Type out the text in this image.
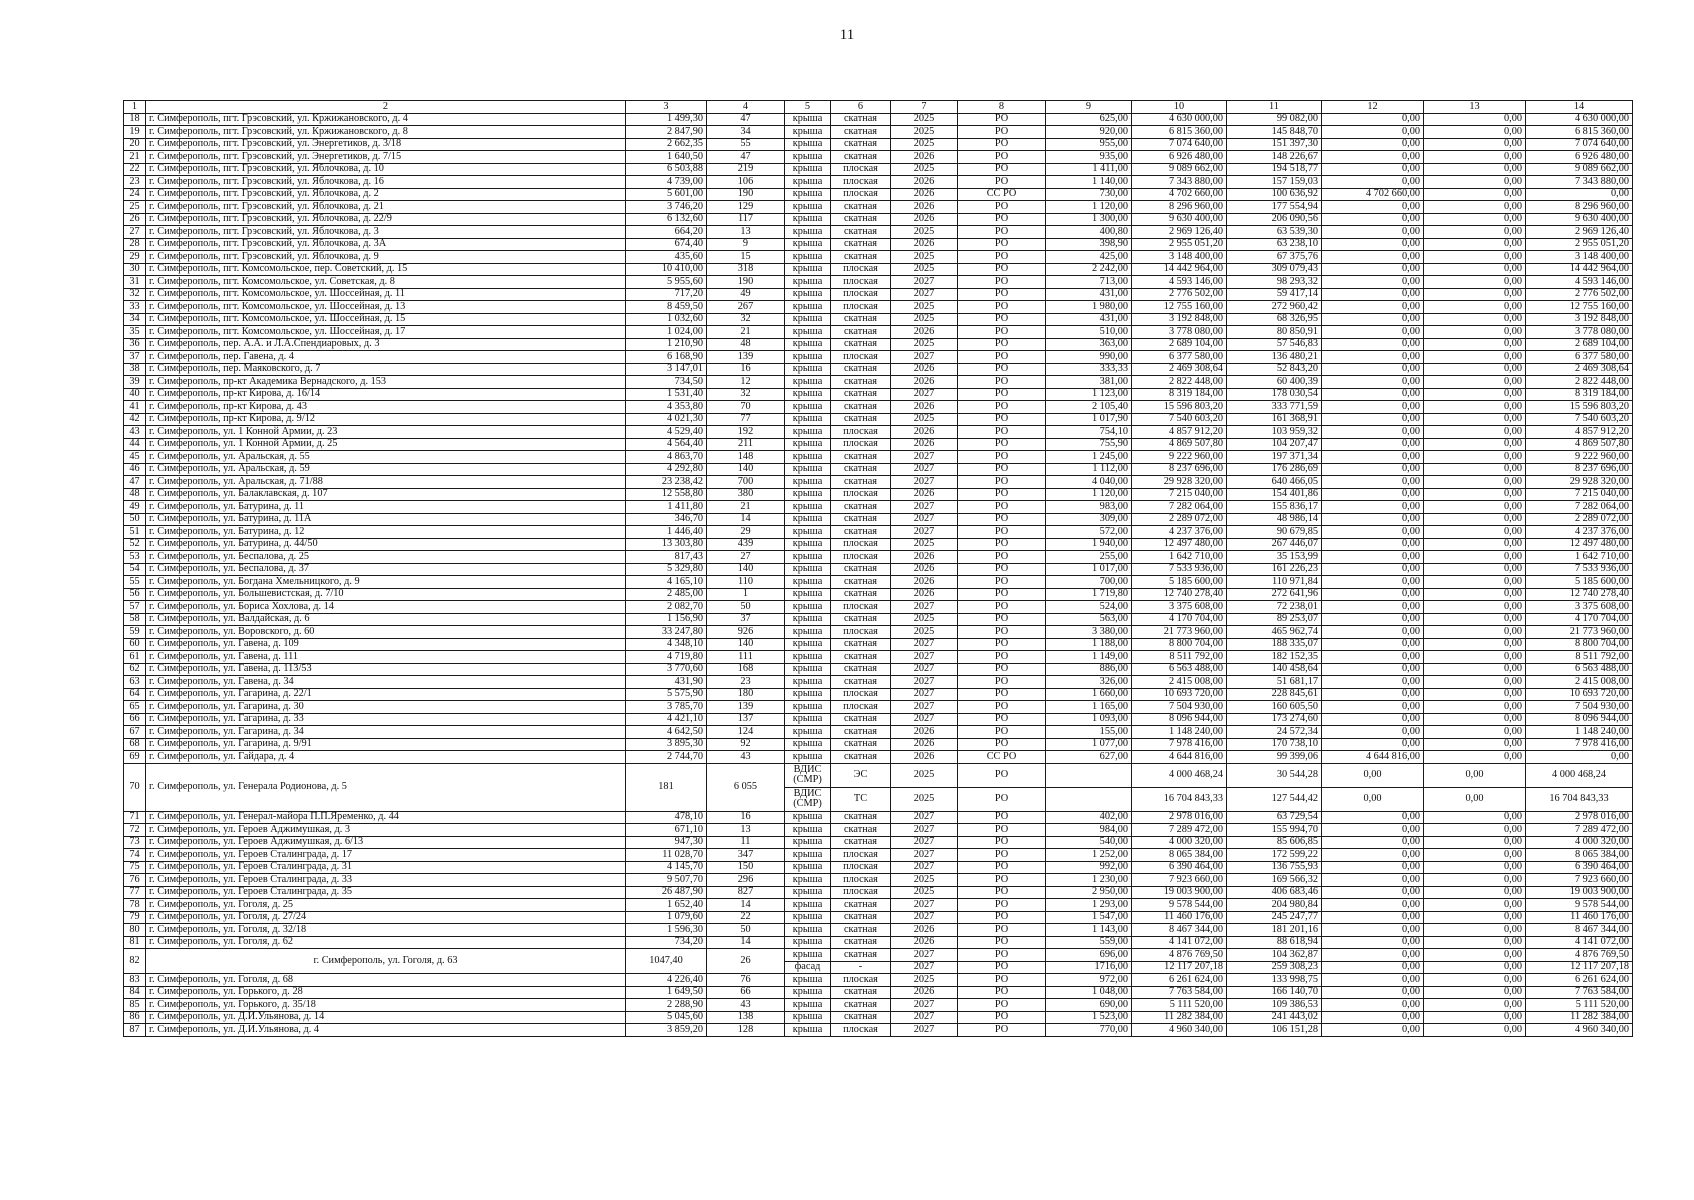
11
1	2	3	4	5	6	7	8	9	10	11	12	13	14
18	г. Симферополь, пгт. Грэсовский, ул. Кржижановского, д. 4	1 499,30	47	крыша	скатная	2025	РО	625,00	4 630 000,00	99 082,00	0,00	0,00	4 630 000,00
19	г. Симферополь, пгт. Грэсовский, ул. Кржижановского, д. 8	2 847,90	34	крыша	скатная	2025	РО	920,00	6 815 360,00	145 848,70	0,00	0,00	6 815 360,00
20	г. Симферополь, пгт. Грэсовский, ул. Энергетиков, д. 3/18	2 662,35	55	крыша	скатная	2025	РО	955,00	7 074 640,00	151 397,30	0,00	0,00	7 074 640,00
21	г. Симферополь, пгт. Грэсовский, ул. Энергетиков, д. 7/15	1 640,50	47	крыша	скатная	2026	РО	935,00	6 926 480,00	148 226,67	0,00	0,00	6 926 480,00
22	г. Симферополь, пгт. Грэсовский, ул. Яблочкова, д. 10	6 503,88	219	крыша	плоская	2025	РО	1 411,00	9 089 662,00	194 518,77	0,00	0,00	9 089 662,00
23	г. Симферополь, пгт. Грэсовский, ул. Яблочкова, д. 16	4 739,00	106	крыша	плоская	2026	РО	1 140,00	7 343 880,00	157 159,03	0,00	0,00	7 343 880,00
24	г. Симферополь, пгт. Грэсовский, ул. Яблочкова, д. 2	5 601,00	190	крыша	плоская	2026	СС РО	730,00	4 702 660,00	100 636,92	4 702 660,00	0,00	0,00
25	г. Симферополь, пгт. Грэсовский, ул. Яблочкова, д. 21	3 746,20	129	крыша	скатная	2026	РО	1 120,00	8 296 960,00	177 554,94	0,00	0,00	8 296 960,00
26	г. Симферополь, пгт. Грэсовский, ул. Яблочкова, д. 22/9	6 132,60	117	крыша	скатная	2026	РО	1 300,00	9 630 400,00	206 090,56	0,00	0,00	9 630 400,00
27	г. Симферополь, пгт. Грэсовский, ул. Яблочкова, д. 3	664,20	13	крыша	скатная	2025	РО	400,80	2 969 126,40	63 539,30	0,00	0,00	2 969 126,40
28	г. Симферополь, пгт. Грэсовский, ул. Яблочкова, д. 3А	674,40	9	крыша	скатная	2026	РО	398,90	2 955 051,20	63 238,10	0,00	0,00	2 955 051,20
29	г. Симферополь, пгт. Грэсовский, ул. Яблочкова, д. 9	435,60	15	крыша	скатная	2025	РО	425,00	3 148 400,00	67 375,76	0,00	0,00	3 148 400,00
30	г. Симферополь, пгт. Комсомольское, пер. Советский, д. 15	10 410,00	318	крыша	плоская	2025	РО	2 242,00	14 442 964,00	309 079,43	0,00	0,00	14 442 964,00
31	г. Симферополь, пгт. Комсомольское, ул. Советская, д. 8	5 955,60	190	крыша	плоская	2027	РО	713,00	4 593 146,00	98 293,32	0,00	0,00	4 593 146,00
32	г. Симферополь, пгт. Комсомольское, ул. Шоссейная, д. 11	717,20	49	крыша	плоская	2027	РО	431,00	2 776 502,00	59 417,14	0,00	0,00	2 776 502,00
33	г. Симферополь, пгт. Комсомольское, ул. Шоссейная, д. 13	8 459,50	267	крыша	плоская	2025	РО	1 980,00	12 755 160,00	272 960,42	0,00	0,00	12 755 160,00
34	г. Симферополь, пгт. Комсомольское, ул. Шоссейная, д. 15	1 032,60	32	крыша	скатная	2025	РО	431,00	3 192 848,00	68 326,95	0,00	0,00	3 192 848,00
35	г. Симферополь, пгт. Комсомольское, ул. Шоссейная, д. 17	1 024,00	21	крыша	скатная	2026	РО	510,00	3 778 080,00	80 850,91	0,00	0,00	3 778 080,00
36	г. Симферополь, пер. А.А. и Л.А.Спендиаровых, д. 3	1 210,90	48	крыша	скатная	2025	РО	363,00	2 689 104,00	57 546,83	0,00	0,00	2 689 104,00
37	г. Симферополь, пер. Гавена, д. 4	6 168,90	139	крыша	плоская	2027	РО	990,00	6 377 580,00	136 480,21	0,00	0,00	6 377 580,00
38	г. Симферополь, пер. Маяковского, д. 7	3 147,01	16	крыша	скатная	2026	РО	333,33	2 469 308,64	52 843,20	0,00	0,00	2 469 308,64
39	г. Симферополь, пр-кт Академика Вернадского, д. 153	734,50	12	крыша	скатная	2026	РО	381,00	2 822 448,00	60 400,39	0,00	0,00	2 822 448,00
40	г. Симферополь, пр-кт Кирова, д. 16/14	1 531,40	32	крыша	скатная	2027	РО	1 123,00	8 319 184,00	178 030,54	0,00	0,00	8 319 184,00
41	г. Симферополь, пр-кт Кирова, д. 43	4 353,80	70	крыша	скатная	2026	РО	2 105,40	15 596 803,20	333 771,59	0,00	0,00	15 596 803,20
42	г. Симферополь, пр-кт Кирова, д. 9/12	4 021,30	77	крыша	скатная	2025	РО	1 017,90	7 540 603,20	161 368,91	0,00	0,00	7 540 603,20
43	г. Симферополь, ул. 1 Конной Армии, д. 23	4 529,40	192	крыша	плоская	2026	РО	754,10	4 857 912,20	103 959,32	0,00	0,00	4 857 912,20
44	г. Симферополь, ул. 1 Конной Армии, д. 25	4 564,40	211	крыша	плоская	2026	РО	755,90	4 869 507,80	104 207,47	0,00	0,00	4 869 507,80
45	г. Симферополь, ул. Аральская, д. 55	4 863,70	148	крыша	скатная	2027	РО	1 245,00	9 222 960,00	197 371,34	0,00	0,00	9 222 960,00
46	г. Симферополь, ул. Аральская, д. 59	4 292,80	140	крыша	скатная	2027	РО	1 112,00	8 237 696,00	176 286,69	0,00	0,00	8 237 696,00
47	г. Симферополь, ул. Аральская, д. 71/88	23 238,42	700	крыша	скатная	2027	РО	4 040,00	29 928 320,00	640 466,05	0,00	0,00	29 928 320,00
48	г. Симферополь, ул. Балаклавская, д. 107	12 558,80	380	крыша	плоская	2026	РО	1 120,00	7 215 040,00	154 401,86	0,00	0,00	7 215 040,00
49	г. Симферополь, ул. Батурина, д. 11	1 411,80	21	крыша	скатная	2027	РО	983,00	7 282 064,00	155 836,17	0,00	0,00	7 282 064,00
50	г. Симферополь, ул. Батурина, д. 11А	346,70	14	крыша	скатная	2027	РО	309,00	2 289 072,00	48 986,14	0,00	0,00	2 289 072,00
51	г. Симферополь, ул. Батурина, д. 12	1 446,40	29	крыша	скатная	2027	РО	572,00	4 237 376,00	90 679,85	0,00	0,00	4 237 376,00
52	г. Симферополь, ул. Батурина, д. 44/50	13 303,80	439	крыша	плоская	2025	РО	1 940,00	12 497 480,00	267 446,07	0,00	0,00	12 497 480,00
53	г. Симферополь, ул. Беспалова, д. 25	817,43	27	крыша	плоская	2026	РО	255,00	1 642 710,00	35 153,99	0,00	0,00	1 642 710,00
54	г. Симферополь, ул. Беспалова, д. 37	5 329,80	140	крыша	скатная	2026	РО	1 017,00	7 533 936,00	161 226,23	0,00	0,00	7 533 936,00
55	г. Симферополь, ул. Богдана Хмельницкого, д. 9	4 165,10	110	крыша	скатная	2026	РО	700,00	5 185 600,00	110 971,84	0,00	0,00	5 185 600,00
56	г. Симферополь, ул. Большевистская, д. 7/10	2 485,00	1	крыша	скатная	2026	РО	1 719,80	12 740 278,40	272 641,96	0,00	0,00	12 740 278,40
57	г. Симферополь, ул. Бориса Хохлова, д. 14	2 082,70	50	крыша	плоская	2027	РО	524,00	3 375 608,00	72 238,01	0,00	0,00	3 375 608,00
58	г. Симферополь, ул. Валдайская, д. 6	1 156,90	37	крыша	скатная	2025	РО	563,00	4 170 704,00	89 253,07	0,00	0,00	4 170 704,00
59	г. Симферополь, ул. Воровского, д. 60	33 247,80	926	крыша	плоская	2025	РО	3 380,00	21 773 960,00	465 962,74	0,00	0,00	21 773 960,00
60	г. Симферополь, ул. Гавена, д. 109	4 348,10	140	крыша	скатная	2027	РО	1 188,00	8 800 704,00	188 335,07	0,00	0,00	8 800 704,00
61	г. Симферополь, ул. Гавена, д. 111	4 719,80	111	крыша	скатная	2027	РО	1 149,00	8 511 792,00	182 152,35	0,00	0,00	8 511 792,00
62	г. Симферополь, ул. Гавена, д. 113/53	3 770,60	168	крыша	скатная	2027	РО	886,00	6 563 488,00	140 458,64	0,00	0,00	6 563 488,00
63	г. Симферополь, ул. Гавена, д. 34	431,90	23	крыша	скатная	2027	РО	326,00	2 415 008,00	51 681,17	0,00	0,00	2 415 008,00
64	г. Симферополь, ул. Гагарина, д. 22/1	5 575,90	180	крыша	плоская	2027	РО	1 660,00	10 693 720,00	228 845,61	0,00	0,00	10 693 720,00
65	г. Симферополь, ул. Гагарина, д. 30	3 785,70	139	крыша	плоская	2027	РО	1 165,00	7 504 930,00	160 605,50	0,00	0,00	7 504 930,00
66	г. Симферополь, ул. Гагарина, д. 33	4 421,10	137	крыша	скатная	2027	РО	1 093,00	8 096 944,00	173 274,60	0,00	0,00	8 096 944,00
67	г. Симферополь, ул. Гагарина, д. 34	4 642,50	124	крыша	скатная	2026	РО	155,00	1 148 240,00	24 572,34	0,00	0,00	1 148 240,00
68	г. Симферополь, ул. Гагарина, д. 9/91	3 895,30	92	крыша	скатная	2026	РО	1 077,00	7 978 416,00	170 738,10	0,00	0,00	7 978 416,00
69	г. Симферополь, ул. Гайдара, д. 4	2 744,70	43	крыша	скатная	2026	СС РО	627,00	4 644 816,00	99 399,06	4 644 816,00	0,00	0,00
70	г. Симферополь, ул. Генерала Родионова, д. 5	181	6 055	ВДИС (СМР)	ЭС	2025	РО		4 000 468,24	30 544,28	0,00	0,00	4 000 468,24
				ВДИС (СМР)	ТС	2025	РО		16 704 843,33	127 544,42	0,00	0,00	16 704 843,33
71	г. Симферополь, ул. Генерал-майора П.П.Яременко, д. 44	478,10	16	крыша	скатная	2027	РО	402,00	2 978 016,00	63 729,54	0,00	0,00	2 978 016,00
72	г. Симферополь, ул. Героев Аджимушкая, д. 3	671,10	13	крыша	скатная	2027	РО	984,00	7 289 472,00	155 994,70	0,00	0,00	7 289 472,00
73	г. Симферополь, ул. Героев Аджимушкая, д. 6/13	947,30	11	крыша	скатная	2027	РО	540,00	4 000 320,00	85 606,85	0,00	0,00	4 000 320,00
74	г. Симферополь, ул. Героев Сталинграда, д. 17	11 028,70	347	крыша	плоская	2027	РО	1 252,00	8 065 384,00	172 599,22	0,00	0,00	8 065 384,00
75	г. Симферополь, ул. Героев Сталинграда, д. 31	4 145,70	150	крыша	плоская	2027	РО	992,00	6 390 464,00	136 755,93	0,00	0,00	6 390 464,00
76	г. Симферополь, ул. Героев Сталинграда, д. 33	9 507,70	296	крыша	плоская	2025	РО	1 230,00	7 923 660,00	169 566,32	0,00	0,00	7 923 660,00
77	г. Симферополь, ул. Героев Сталинграда, д. 35	26 487,90	827	крыша	плоская	2025	РО	2 950,00	19 003 900,00	406 683,46	0,00	0,00	19 003 900,00
78	г. Симферополь, ул. Гоголя, д. 25	1 652,40	14	крыша	скатная	2027	РО	1 293,00	9 578 544,00	204 980,84	0,00	0,00	9 578 544,00
79	г. Симферополь, ул. Гоголя, д. 27/24	1 079,60	22	крыша	скатная	2027	РО	1 547,00	11 460 176,00	245 247,77	0,00	0,00	11 460 176,00
80	г. Симферополь, ул. Гоголя, д. 32/18	1 596,30	50	крыша	скатная	2026	РО	1 143,00	8 467 344,00	181 201,16	0,00	0,00	8 467 344,00
81	г. Симферополь, ул. Гоголя, д. 62	734,20	14	крыша	скатная	2026	РО	559,00	4 141 072,00	88 618,94	0,00	0,00	4 141 072,00
82	г. Симферополь, ул. Гоголя, д. 63	1047,40	26	крыша	скатная	2027	РО	696,00	4 876 769,50	104 362,87	0,00	0,00	4 876 769,50
				фасад	-	2027	РО	1716,00	12 117 207,18	259 308,23	0,00	0,00	12 117 207,18
83	г. Симферополь, ул. Гоголя, д. 68	4 226,40	76	крыша	плоская	2025	РО	972,00	6 261 624,00	133 998,75	0,00	0,00	6 261 624,00
84	г. Симферополь, ул. Горького, д. 28	1 649,50	66	крыша	скатная	2026	РО	1 048,00	7 763 584,00	166 140,70	0,00	0,00	7 763 584,00
85	г. Симферополь, ул. Горького, д. 35/18	2 288,90	43	крыша	скатная	2027	РО	690,00	5 111 520,00	109 386,53	0,00	0,00	5 111 520,00
86	г. Симферополь, ул. Д.И.Ульянова, д. 14	5 045,60	138	крыша	скатная	2027	РО	1 523,00	11 282 384,00	241 443,02	0,00	0,00	11 282 384,00
87	г. Симферополь, ул. Д.И.Ульянова, д. 4	3 859,20	128	крыша	плоская	2027	РО	770,00	4 960 340,00	106 151,28	0,00	0,00	4 960 340,00
